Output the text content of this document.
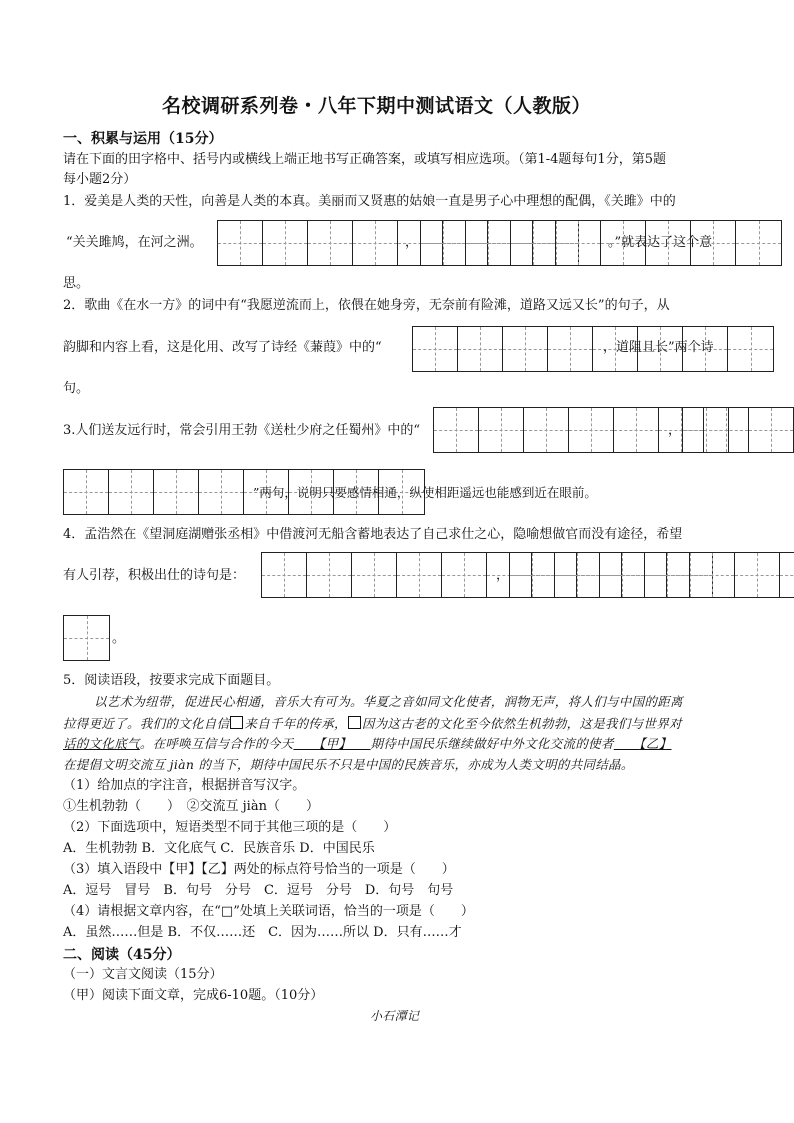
名校调研系列卷・八年下期中测试语文（人教版）
一、积累与运用（15分）
请在下面的田字格中、括号内或横线上端正地书写正确答案，或填写相应选项。（第1-4题每句1分，第5题
每小题2分）
1．爱美是人类的天性，向善是人类的本真。美丽而又贤惠的姑娘一直是男子心中理想的配偶，《关雎》中的
“关关雎鸠，在河之洲。	，	。”就表达了这个意
思。
2．歌曲《在水一方》的词中有“我愿逆流而上，依偎在她身旁，无奈前有险滩，道路又远又长”的句子，从
韵脚和内容上看，这是化用、改写了诗经《蒹葭》中的“	，道阻且长”两个诗
句。
3.人们送友远行时，常会引用王勃《送杜少府之任蜀州》中的“	，
”两句，说明只要感情相通，纵使相距遥远也能感到近在眼前。
4．孟浩然在《望洞庭湖赠张丞相》中借渡河无船含蓄地表达了自己求仕之心，隐喻想做官而没有途径，希望
有人引荐，积极出仕的诗句是：	，
。
5．阅读语段，按要求完成下面题目。
以艺术为纽带，促进民心相通，音乐大有可为。华夏之音如同文化使者，润物无声，将人们与中国的距离
拉得更近了。我们的文化自信 来自千年的传承， 因为这古老的文化至今依然生机勃勃，这是我们与世界对
话的文化底气。在呼唤互信与合作的今天　　 【甲】　　 期待中国民乐继续做好中外文化交流的使者　　 【乙】
在提倡文明交流互 jiàn 的当下，期待中国民乐不只是中国的民族音乐，亦成为人类文明的共同结晶。
（1）给加点的字注音，根据拼音写汉字。
①生机勃勃（　　）　②交流互 jiàn（　　）
（2）下面选项中，短语类型不同于其他三项的是（　　）
A．生机勃勃 B．文化底气 C．民族音乐 D．中国民乐
（3）填入语段中【甲】【乙】两处的标点符号恰当的一项是（　　）
A．逗号　冒号　B．句号　分号　C．逗号　分号　D．句号　句号
（4）请根据文章内容，在“□”处填上关联词语，恰当的一项是（　　）
A．虽然……但是 B．不仅……还　C．因为……所以 D．只有……才
二、阅读（45分）
（一）文言文阅读（15分）
（甲）阅读下面文章，完成6-10题。（10分）
小石潭记
